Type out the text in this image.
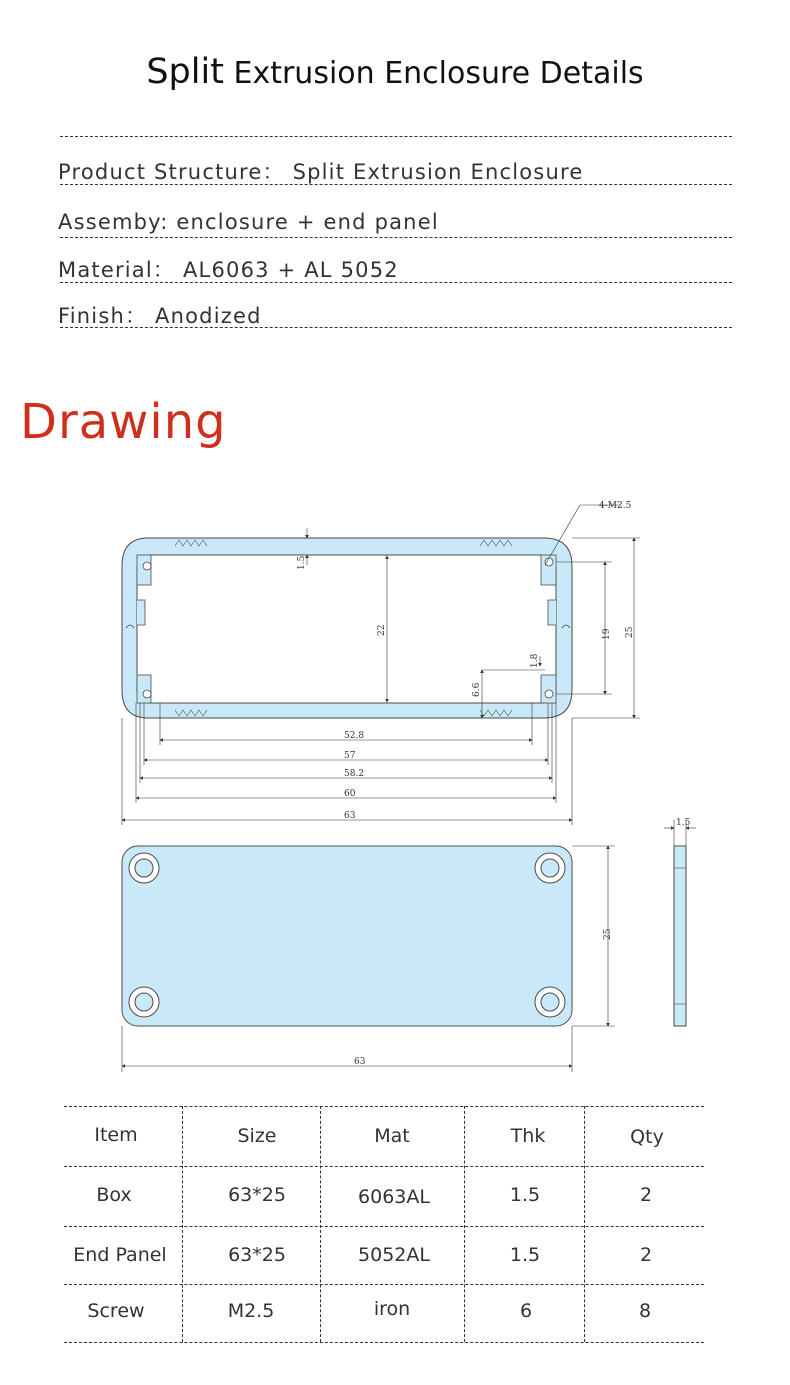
Split Extrusion Enclosure Details
Product Structure： Split Extrusion Enclosure
Assemby: enclosure + end panel
Material： AL6063 + AL 5052
Finish： Anodized
Drawing
4-M2.5
1.5
22	19 25
1.8
6.6
52.8
57
58.2
60
63
25
63
1.5
Item	Size	Mat	Thk	Qty
Box	63*25	6063AL	1.5	2
End Panel	63*25	5052AL	1.5	2
Screw	M2.5	iron	6	8
